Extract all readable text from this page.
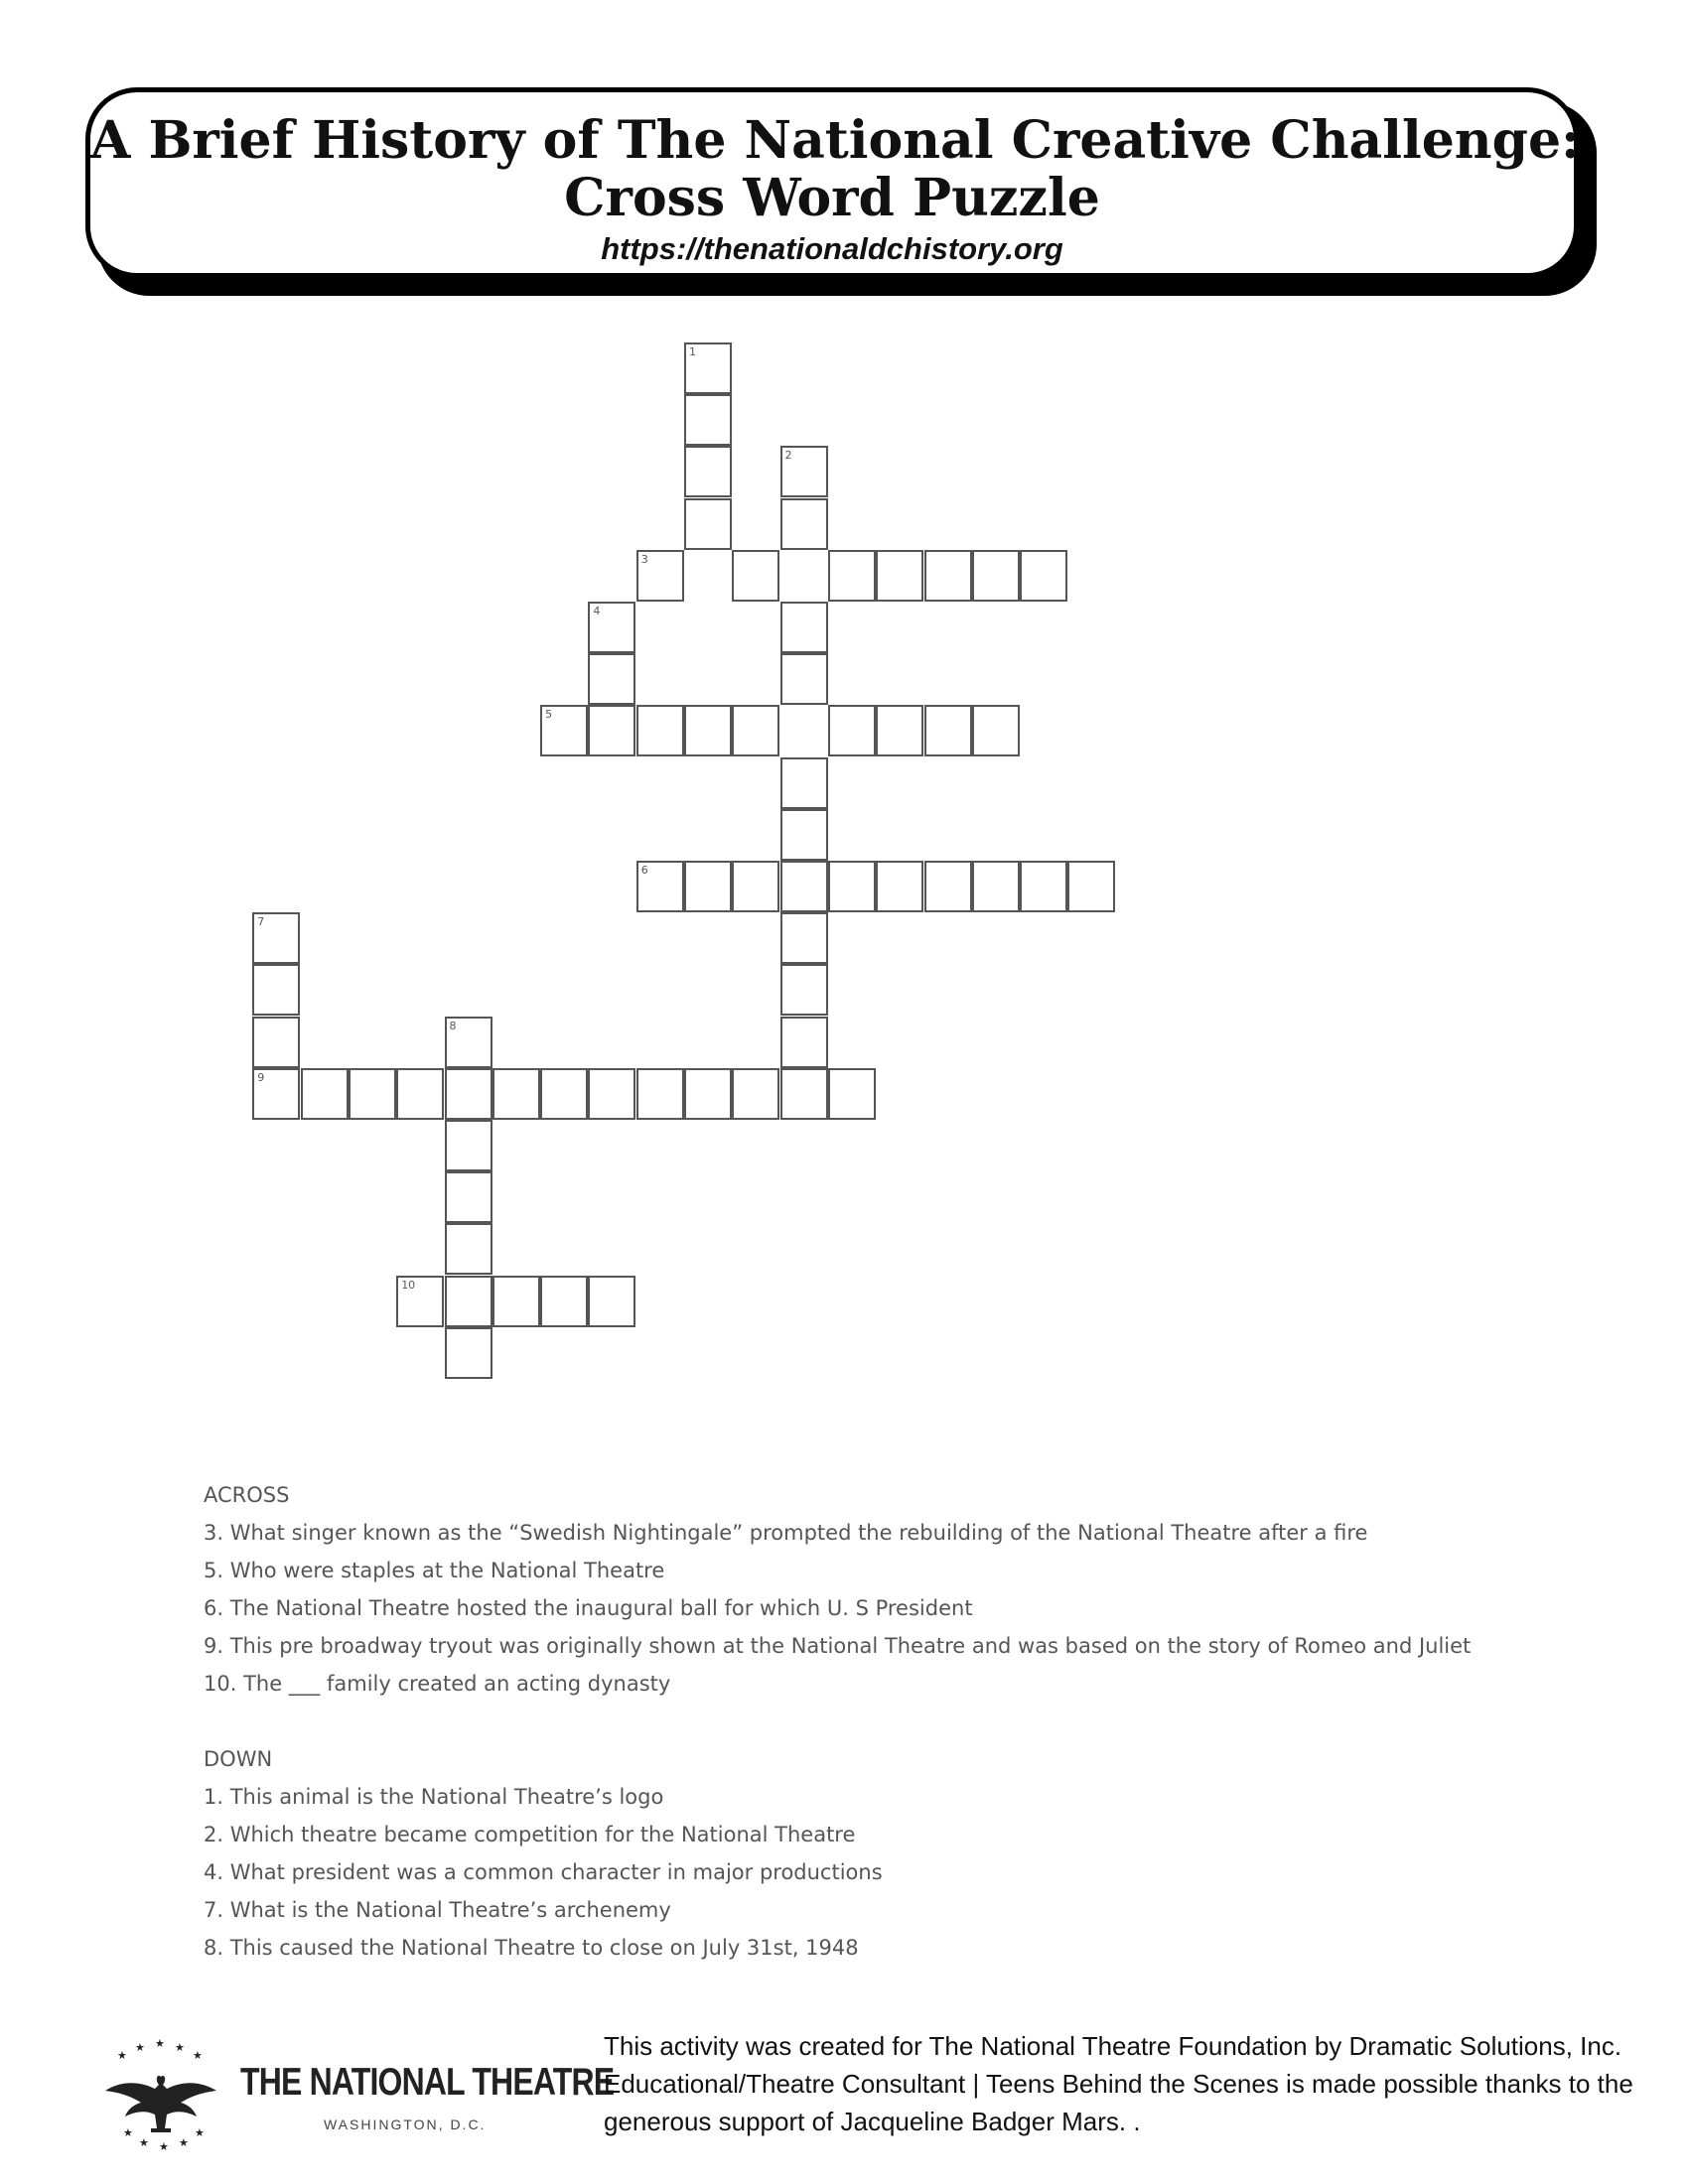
A Brief History of The National Creative Challenge:
Cross Word Puzzle
https://thenationaldchistory.org
1
2
3
4
5
6
7
8
9
10
ACROSS
3. What singer known as the “Swedish Nightingale” prompted the rebuilding of the National Theatre after a fire
5. Who were staples at the National Theatre
6. The National Theatre hosted the inaugural ball for which U. S President
9. This pre broadway tryout was originally shown at the National Theatre and was based on the story of Romeo and Juliet
10. The ___ family created an acting dynasty
DOWN
1. This animal is the National Theatre’s logo
2. Which theatre became competition for the National Theatre
4. What president was a common character in major productions
7. What is the National Theatre’s archenemy
8. This caused the National Theatre to close on July 31st, 1948
★
★ ★ ★
★
★
★ ★ ★
★
THE NATIONAL THEATRE
WASHINGTON, D.C.
This activity was created for The National Theatre Foundation by Dramatic Solutions, Inc. Educational/Theatre Consultant | Teens Behind the Scenes is made possible thanks to the generous support of Jacqueline Badger Mars. .
